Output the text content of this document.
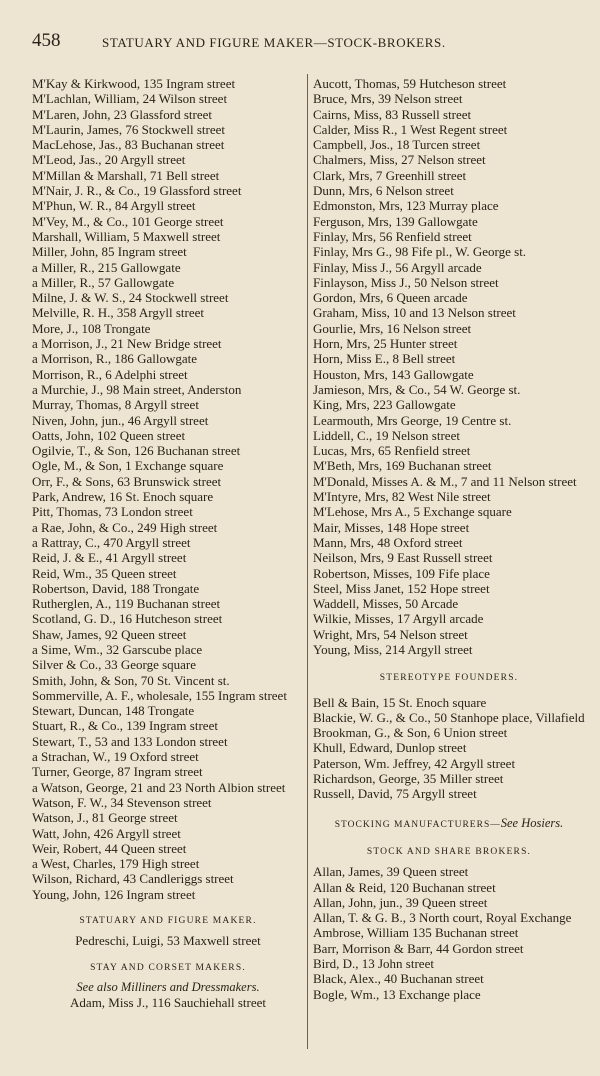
458	STATUARY AND FIGURE MAKER—STOCK-BROKERS.
M'Kay & Kirkwood, 135 Ingram street
M'Lachlan, William, 24 Wilson street
M'Laren, John, 23 Glassford street
M'Laurin, James, 76 Stockwell street
MacLehose, Jas., 83 Buchanan street
M'Leod, Jas., 20 Argyll street
M'Millan & Marshall, 71 Bell street
M'Nair, J. R., & Co., 19 Glassford street
M'Phun, W. R., 84 Argyll street
M'Vey, M., & Co., 101 George street
Marshall, William, 5 Maxwell street
Miller, John, 85 Ingram street
a Miller, R., 215 Gallowgate
a Miller, R., 57 Gallowgate
Milne, J. & W. S., 24 Stockwell street
Melville, R. H., 358 Argyll street
More, J., 108 Trongate
a Morrison, J., 21 New Bridge street
a Morrison, R., 186 Gallowgate
Morrison, R., 6 Adelphi street
a Murchie, J., 98 Main street, Anderston
Murray, Thomas, 8 Argyll street
Niven, John, jun., 46 Argyll street
Oatts, John, 102 Queen street
Ogilvie, T., & Son, 126 Buchanan street
Ogle, M., & Son, 1 Exchange square
Orr, F., & Sons, 63 Brunswick street
Park, Andrew, 16 St. Enoch square
Pitt, Thomas, 73 London street
a Rae, John, & Co., 249 High street
a Rattray, C., 470 Argyll street
Reid, J. & E., 41 Argyll street
Reid, Wm., 35 Queen street
Robertson, David, 188 Trongate
Rutherglen, A., 119 Buchanan street
Scotland, G. D., 16 Hutcheson street
Shaw, James, 92 Queen street
a Sime, Wm., 32 Garscube place
Silver & Co., 33 George square
Smith, John, & Son, 70 St. Vincent st.
Sommerville, A. F., wholesale, 155 Ingram street
Stewart, Duncan, 148 Trongate
Stuart, R., & Co., 139 Ingram street
Stewart, T., 53 and 133 London street
a Strachan, W., 19 Oxford street
Turner, George, 87 Ingram street
a Watson, George, 21 and 23 North Albion street
Watson, F. W., 34 Stevenson street
Watson, J., 81 George street
Watt, John, 426 Argyll street
Weir, Robert, 44 Queen street
a West, Charles, 179 High street
Wilson, Richard, 43 Candleriggs street
Young, John, 126 Ingram street
STATUARY AND FIGURE MAKER.
Pedreschi, Luigi, 53 Maxwell street
STAY AND CORSET MAKERS.
See also Milliners and Dressmakers.
Adam, Miss J., 116 Sauchiehall street
Aucott, Thomas, 59 Hutcheson street
Bruce, Mrs, 39 Nelson street
Cairns, Miss, 83 Russell street
Calder, Miss R., 1 West Regent street
Campbell, Jos., 18 Turcen street
Chalmers, Miss, 27 Nelson street
Clark, Mrs, 7 Greenhill street
Dunn, Mrs, 6 Nelson street
Edmonston, Mrs, 123 Murray place
Ferguson, Mrs, 139 Gallowgate
Finlay, Mrs, 56 Renfield street
Finlay, Mrs G., 98 Fife pl., W. George st.
Finlay, Miss J., 56 Argyll arcade
Finlayson, Miss J., 50 Nelson street
Gordon, Mrs, 6 Queen arcade
Graham, Miss, 10 and 13 Nelson street
Gourlie, Mrs, 16 Nelson street
Horn, Mrs, 25 Hunter street
Horn, Miss E., 8 Bell street
Houston, Mrs, 143 Gallowgate
Jamieson, Mrs, & Co., 54 W. George st.
King, Mrs, 223 Gallowgate
Learmouth, Mrs George, 19 Centre st.
Liddell, C., 19 Nelson street
Lucas, Mrs, 65 Renfield street
M'Beth, Mrs, 169 Buchanan street
M'Donald, Misses A. & M., 7 and 11 Nelson street
M'Intyre, Mrs, 82 West Nile street
M'Lehose, Mrs A., 5 Exchange square
Mair, Misses, 148 Hope street
Mann, Mrs, 48 Oxford street
Neilson, Mrs, 9 East Russell street
Robertson, Misses, 109 Fife place
Steel, Miss Janet, 152 Hope street
Waddell, Misses, 50 Arcade
Wilkie, Misses, 17 Argyll arcade
Wright, Mrs, 54 Nelson street
Young, Miss, 214 Argyll street
STEREOTYPE FOUNDERS.
Bell & Bain, 15 St. Enoch square
Blackie, W. G., & Co., 50 Stanhope place, Villafield
Brookman, G., & Son, 6 Union street
Khull, Edward, Dunlop street
Paterson, Wm. Jeffrey, 42 Argyll street
Richardson, George, 35 Miller street
Russell, David, 75 Argyll street
STOCKING MANUFACTURERS—See Hosiers.
STOCK AND SHARE BROKERS.
Allan, James, 39 Queen street
Allan & Reid, 120 Buchanan street
Allan, John, jun., 39 Queen street
Allan, T. & G. B., 3 North court, Royal Exchange
Ambrose, William 135 Buchanan street
Barr, Morrison & Barr, 44 Gordon street
Bird, D., 13 John street
Black, Alex., 40 Buchanan street
Bogle, Wm., 13 Exchange place
